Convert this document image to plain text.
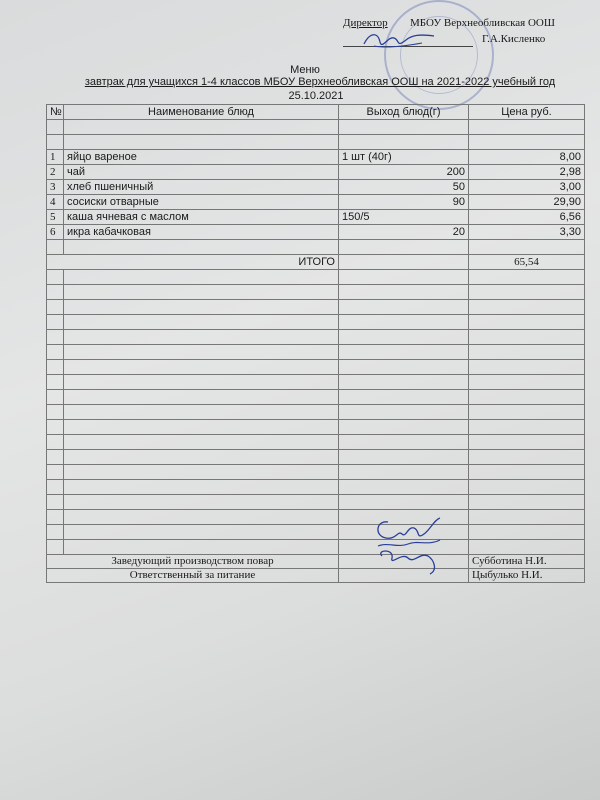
Директор МБОУ Верхнеобливская ООШ
Г.А.Кисленко
Меню
завтрак для учащихся 1-4 классов МБОУ Верхнеобливская ООШ на 2021-2022 учебный год
25.10.2021
№	Наименование блюд	Выход блюд(г)	Цена руб.

1	яйцо вареное	1 шт (40г)	8,00
2	чай	200	2,98
3	хлеб пшеничный	50	3,00
4	сосиски отварные	90	29,90
5	каша ячневая с маслом	150/5	6,56
6	икра кабачковая	20	3,30

ИТОГО			65,54

Заведующий производством повар			Субботина Н.И.
Ответственный за питание			Цыбулько Н.И.
